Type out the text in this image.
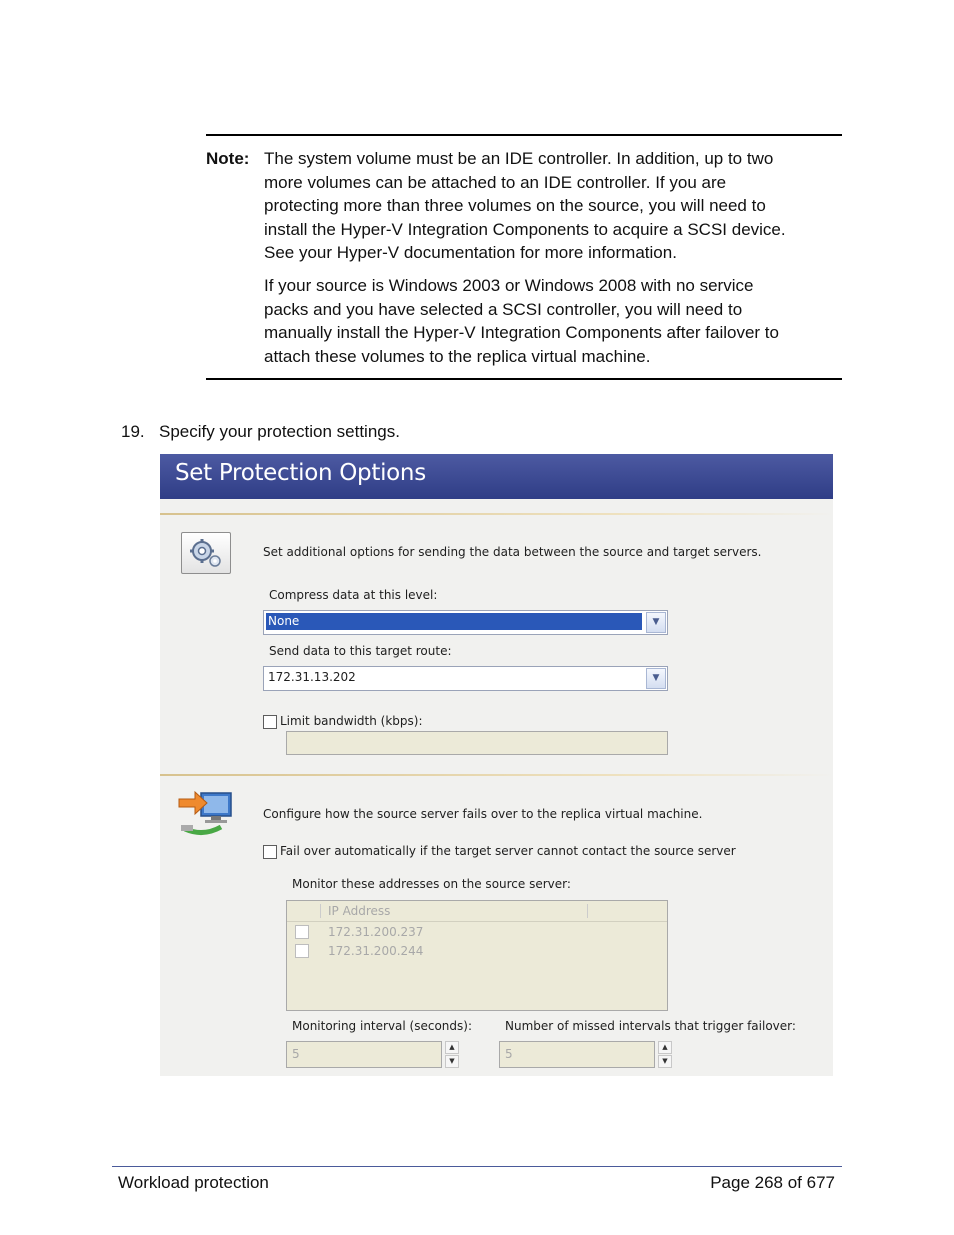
Note: The system volume must be an IDE controller. In addition, up to two

more volumes can be attached to an IDE controller. If you are

protecting more than three volumes on the source, you will need to

install the Hyper-V Integration Components to acquire a SCSI device.

See your Hyper-V documentation for more information.

If your source is Windows 2003 or Windows 2008 with no service

packs and you have selected a SCSI controller, you will need to

manually install the Hyper-V Integration Components after failover to

attach these volumes to the replica virtual machine.

19. Specify your protection settings.
Set Protection Options
Set additional options for sending the data between the source and target servers.
Compress data at this level:
None	▼
Send data to this target route:
172.31.13.202	▼
Limit bandwidth (kbps):
Configure how the source server fails over to the replica virtual machine.
Fail over automatically if the target server cannot contact the source server
Monitor these addresses on the source server:
IP Address
172.31.200.237
172.31.200.244
Monitoring interval (seconds):
5	▲
▼
Number of missed intervals that trigger failover:
5	▲
▼
Workload protection	Page 268 of 677
